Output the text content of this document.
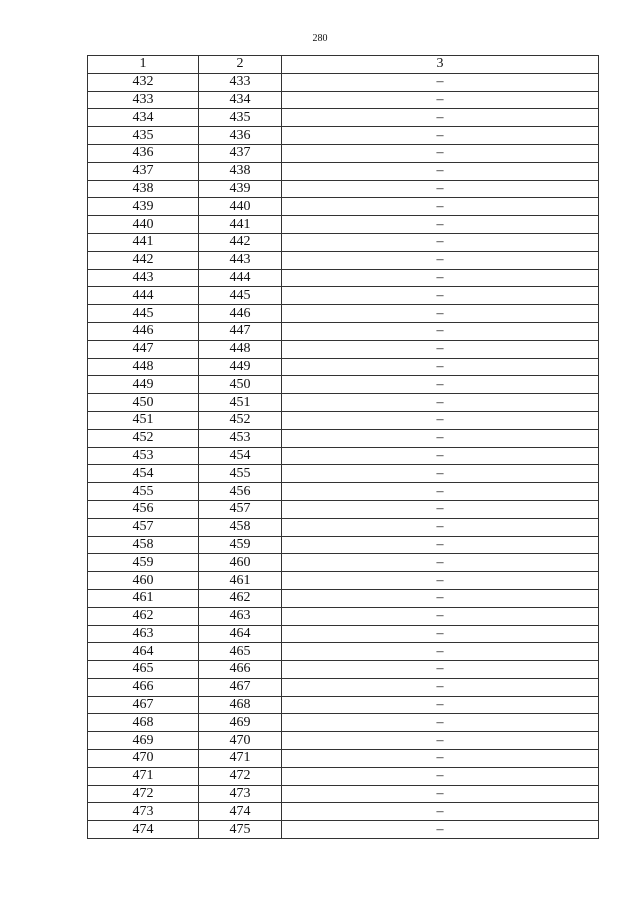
280
1	2	3
432	433	–
433	434	–
434	435	–
435	436	–
436	437	–
437	438	–
438	439	–
439	440	–
440	441	–
441	442	–
442	443	–
443	444	–
444	445	–
445	446	–
446	447	–
447	448	–
448	449	–
449	450	–
450	451	–
451	452	–
452	453	–
453	454	–
454	455	–
455	456	–
456	457	–
457	458	–
458	459	–
459	460	–
460	461	–
461	462	–
462	463	–
463	464	–
464	465	–
465	466	–
466	467	–
467	468	–
468	469	–
469	470	–
470	471	–
471	472	–
472	473	–
473	474	–
474	475	–
